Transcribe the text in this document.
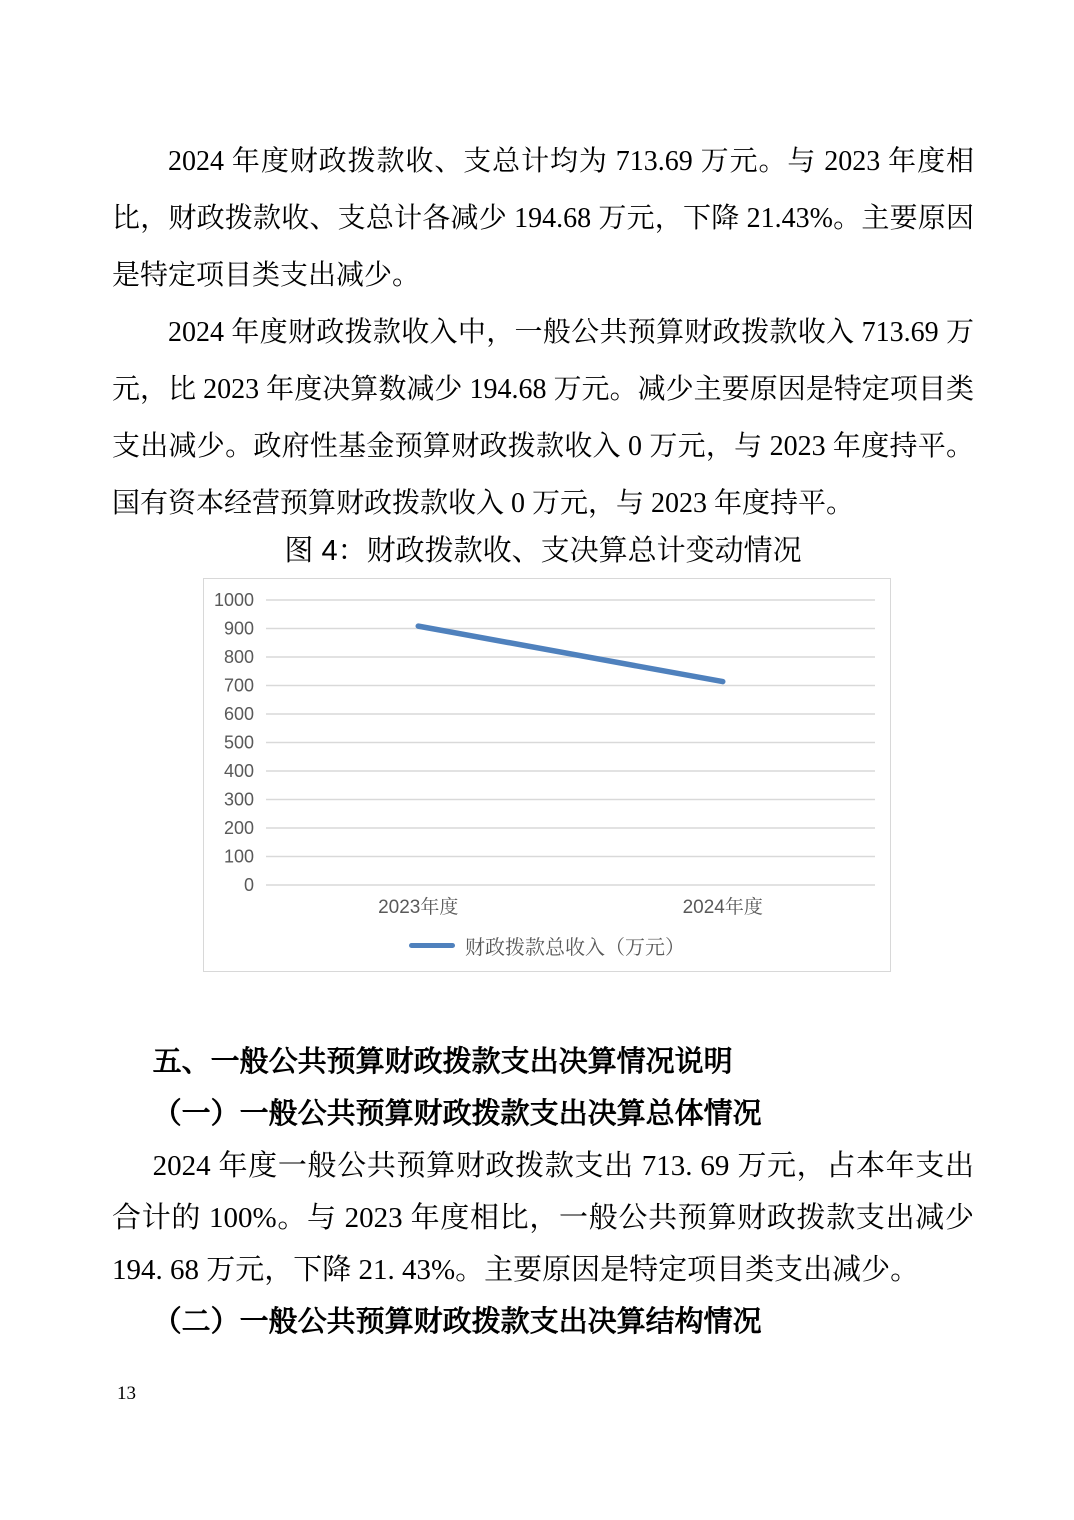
2024 年度财政拨款收、支总计均为 713.69 万元。与 2023 年度相比，财政拨款收、支总计各减少 194.68 万元，下降 21.43%。主要原因是特定项目类支出减少。

2024 年度财政拨款收入中，一般公共预算财政拨款收入 713.69 万元，比 2023 年度决算数减少 194.68 万元。减少主要原因是特定项目类支出减少。政府性基金预算财政拨款收入 0 万元，与 2023 年度持平。国有资本经营预算财政拨款收入 0 万元，与 2023 年度持平。

图 4：财政拨款收、支决算总计变动情况
0
100
200
300
400
500
600
700
800
900
1000
2023年度	2024年度
财政拨款总收入（万元）

五、一般公共预算财政拨款支出决算情况说明

（一）一般公共预算财政拨款支出决算总体情况

2024 年度一般公共预算财政拨款支出 713. 69 万元，占本年支出合计的 100%。与 2023 年度相比，一般公共预算财政拨款支出减少 194. 68 万元，下降 21. 43%。主要原因是特定项目类支出减少。

（二）一般公共预算财政拨款支出决算结构情况

13
